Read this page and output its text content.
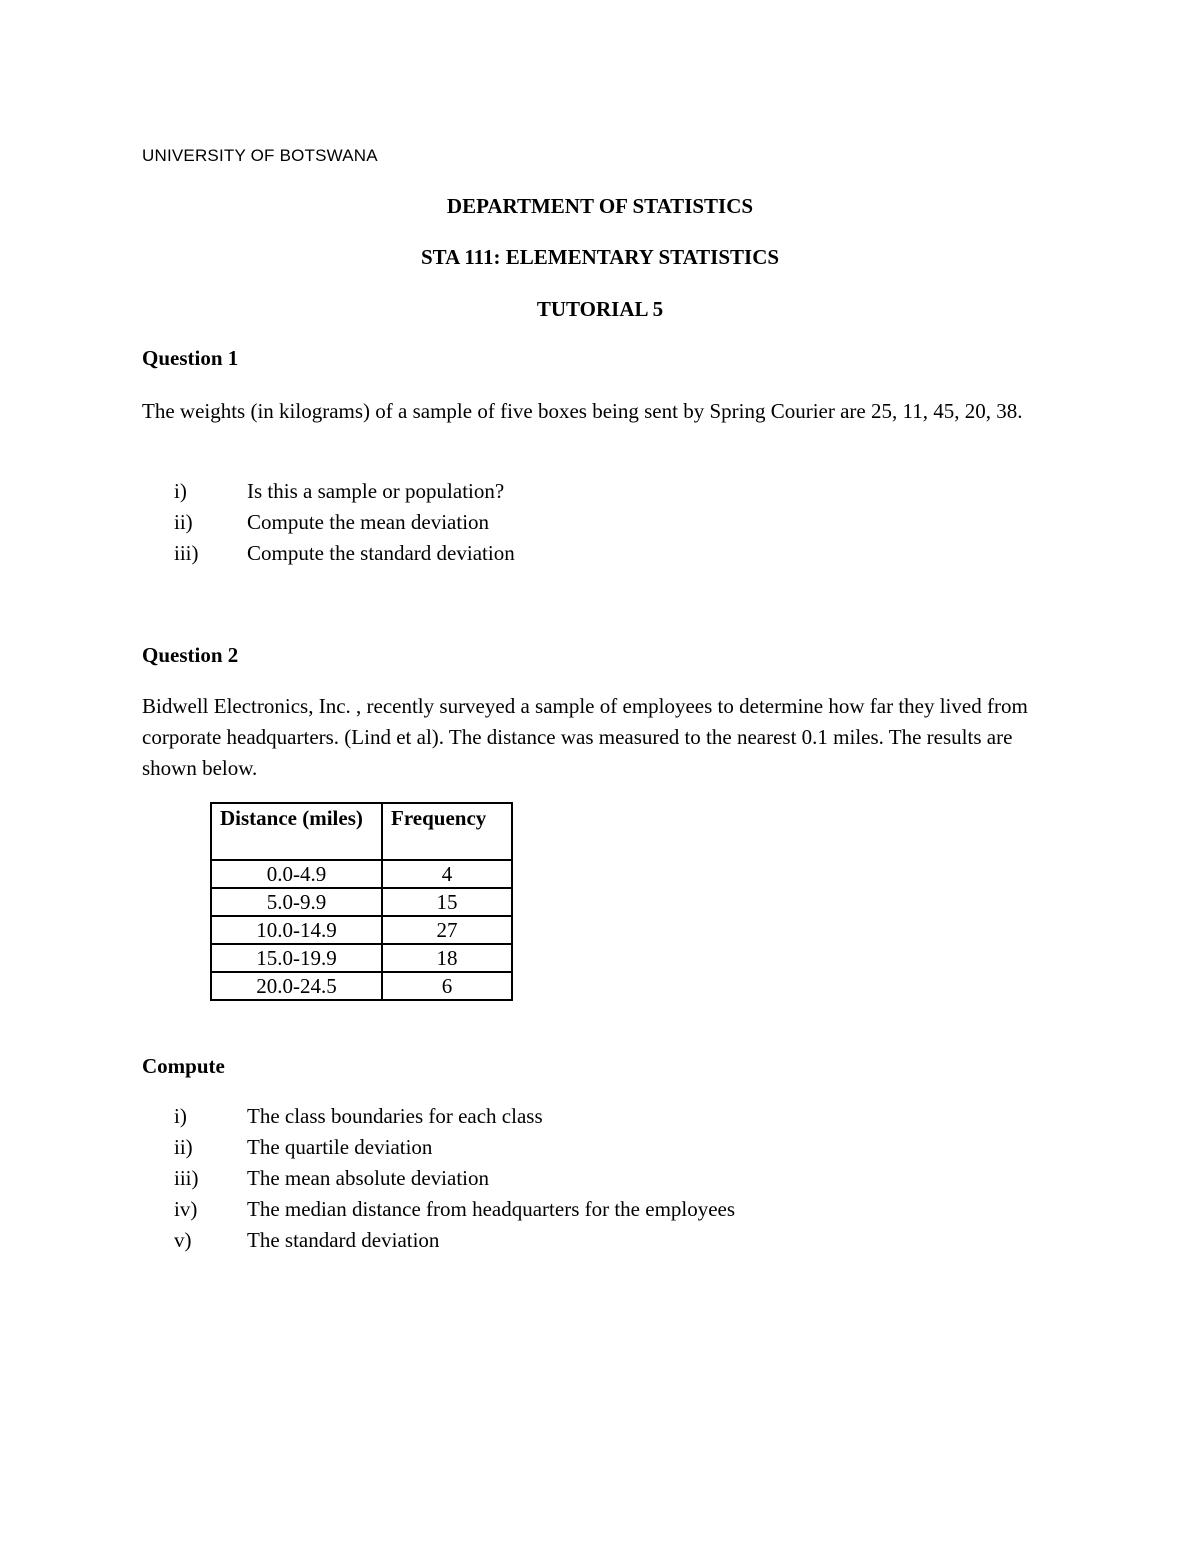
UNIVERSITY OF BOTSWANA
DEPARTMENT OF STATISTICS
STA 111: ELEMENTARY STATISTICS
TUTORIAL 5
Question 1
The weights (in kilograms) of a sample of five boxes being sent by Spring Courier are 25, 11, 45, 20, 38.
i)	Is this a sample or population?
ii)	Compute the mean deviation
iii) Compute the standard deviation
Question 2
Bidwell Electronics, Inc. , recently surveyed a sample of employees to determine how far they lived from corporate headquarters. (Lind et al). The distance was measured to the nearest 0.1 miles. The results are shown below.
Distance (miles)	Frequency
0.0-4.9	4
5.0-9.9	15
10.0-14.9	27
15.0-19.9	18
20.0-24.5	6
Compute
i)	The class boundaries for each class
ii)	The quartile deviation
iii) The mean absolute deviation
iv) The median distance from headquarters for the employees
v)	The standard deviation
